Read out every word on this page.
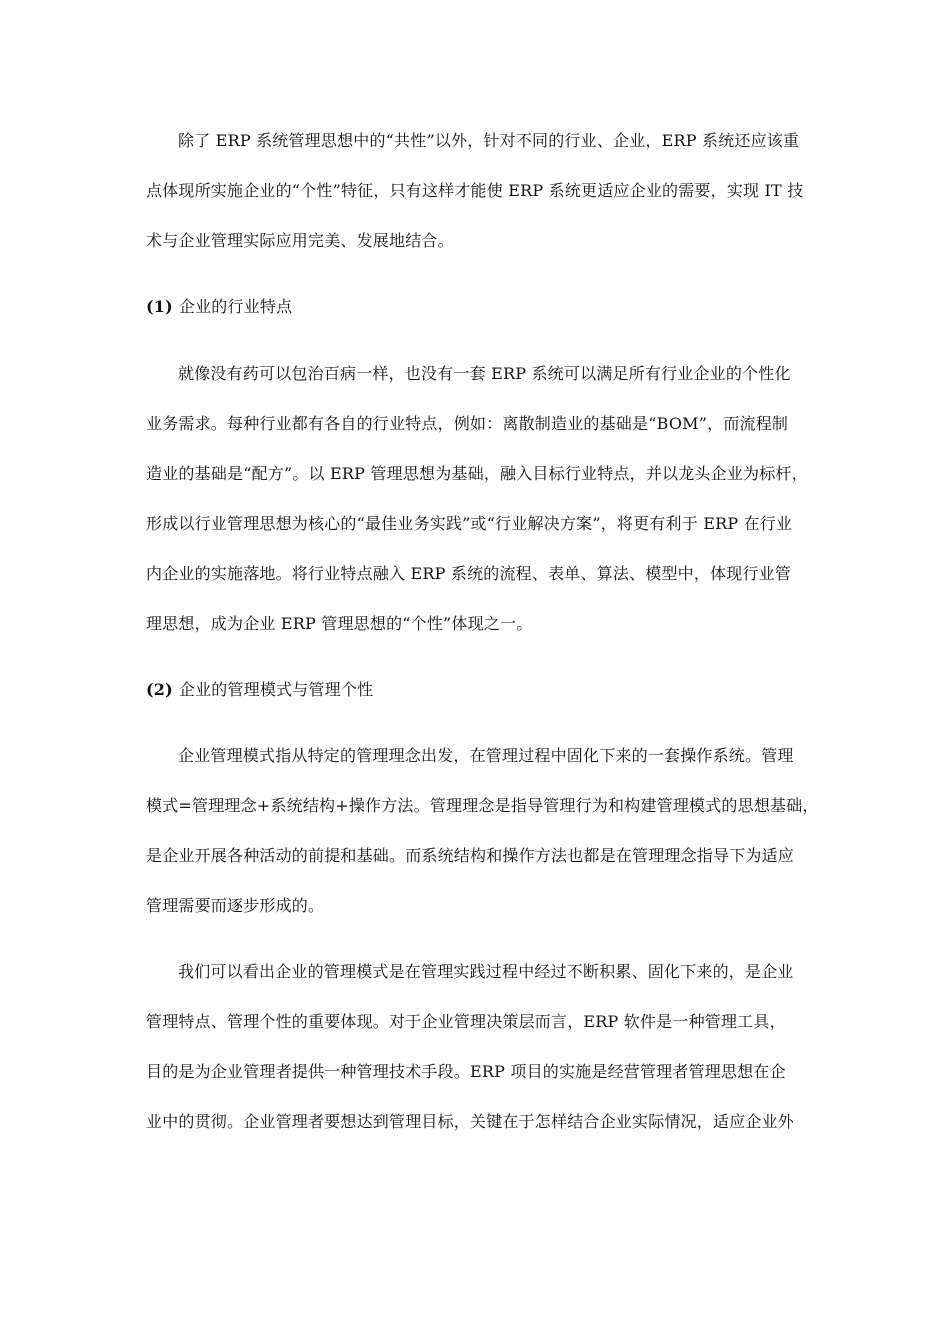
除了 ERP 系统管理思想中的“共性”以外，针对不同的行业、企业，ERP 系统还应该重
点体现所实施企业的“个性”特征，只有这样才能使 ERP 系统更适应企业的需要，实现 IT 技
术与企业管理实际应用完美、发展地结合。
(1) 企业的行业特点
就像没有药可以包治百病一样，也没有一套 ERP 系统可以满足所有行业企业的个性化
业务需求。每种行业都有各自的行业特点，例如：离散制造业的基础是“BOM”，而流程制
造业的基础是“配方”。以 ERP 管理思想为基础，融入目标行业特点，并以龙头企业为标杆，
形成以行业管理思想为核心的“最佳业务实践”或“行业解决方案”，将更有利于 ERP 在行业
内企业的实施落地。将行业特点融入 ERP 系统的流程、表单、算法、模型中，体现行业管
理思想，成为企业 ERP 管理思想的“个性”体现之一。
(2) 企业的管理模式与管理个性
企业管理模式指从特定的管理理念出发，在管理过程中固化下来的一套操作系统。管理
模式=管理理念+系统结构+操作方法。管理理念是指导管理行为和构建管理模式的思想基础，
是企业开展各种活动的前提和基础。而系统结构和操作方法也都是在管理理念指导下为适应
管理需要而逐步形成的。
我们可以看出企业的管理模式是在管理实践过程中经过不断积累、固化下来的，是企业
管理特点、管理个性的重要体现。对于企业管理决策层而言，ERP 软件是一种管理工具，
目的是为企业管理者提供一种管理技术手段。ERP 项目的实施是经营管理者管理思想在企
业中的贯彻。企业管理者要想达到管理目标，关键在于怎样结合企业实际情况，适应企业外
